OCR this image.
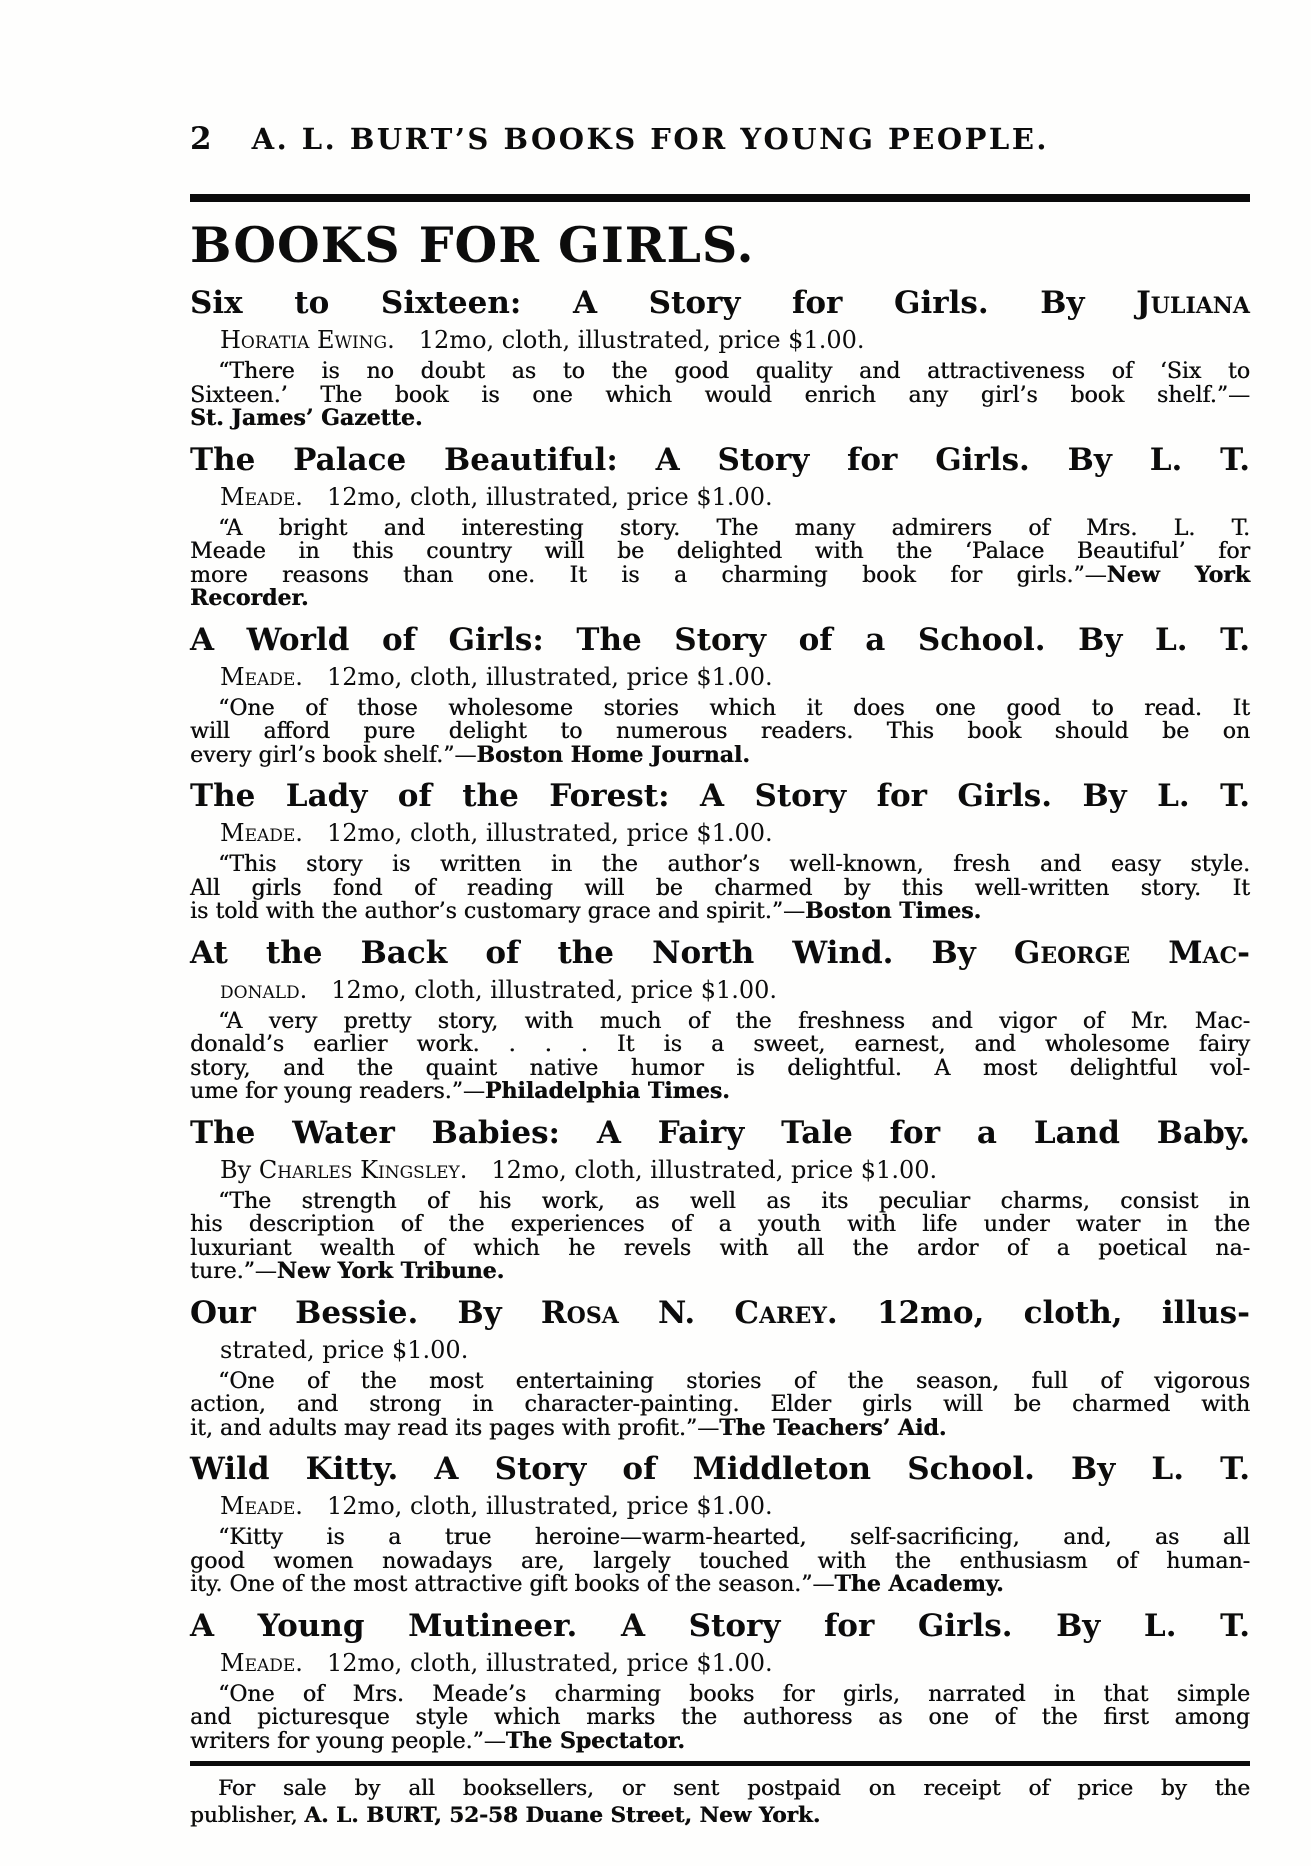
2 A. L. BURT’S BOOKS FOR YOUNG PEOPLE.
BOOKS FOR GIRLS.
Six to Sixteen: A Story for Girls. By Juliana
Horatia Ewing. 12mo, cloth, illustrated, price $1.00.
“There is no doubt as to the good quality and attractiveness of ‘Six to
Sixteen.’ The book is one which would enrich any girl’s book shelf.”—
St. James’ Gazette.
The Palace Beautiful: A Story for Girls. By L. T.
Meade. 12mo, cloth, illustrated, price $1.00.
“A bright and interesting story. The many admirers of Mrs. L. T.
Meade in this country will be delighted with the ‘Palace Beautiful’ for
more reasons than one. It is a charming book for girls.”—New York
Recorder.
A World of Girls: The Story of a School. By L. T.
Meade. 12mo, cloth, illustrated, price $1.00.
“One of those wholesome stories which it does one good to read. It
will afford pure delight to numerous readers. This book should be on
every girl’s book shelf.”—Boston Home Journal.
The Lady of the Forest: A Story for Girls. By L. T.
Meade. 12mo, cloth, illustrated, price $1.00.
“This story is written in the author’s well-known, fresh and easy style.
All girls fond of reading will be charmed by this well-written story. It
is told with the author’s customary grace and spirit.”—Boston Times.
At the Back of the North Wind. By George Mac-
donald. 12mo, cloth, illustrated, price $1.00.
“A very pretty story, with much of the freshness and vigor of Mr. Mac-
donald’s earlier work. . . . It is a sweet, earnest, and wholesome fairy
story, and the quaint native humor is delightful. A most delightful vol-
ume for young readers.”—Philadelphia Times.
The Water Babies: A Fairy Tale for a Land Baby.
By Charles Kingsley. 12mo, cloth, illustrated, price $1.00.
“The strength of his work, as well as its peculiar charms, consist in
his description of the experiences of a youth with life under water in the
luxuriant wealth of which he revels with all the ardor of a poetical na-
ture.”—New York Tribune.
Our Bessie. By Rosa N. Carey. 12mo, cloth, illus-
strated, price $1.00.
“One of the most entertaining stories of the season, full of vigorous
action, and strong in character-painting. Elder girls will be charmed with
it, and adults may read its pages with profit.”—The Teachers’ Aid.
Wild Kitty. A Story of Middleton School. By L. T.
Meade. 12mo, cloth, illustrated, price $1.00.
“Kitty is a true heroine—warm-hearted, self-sacrificing, and, as all
good women nowadays are, largely touched with the enthusiasm of human-
ity. One of the most attractive gift books of the season.”—The Academy.
A Young Mutineer. A Story for Girls. By L. T.
Meade. 12mo, cloth, illustrated, price $1.00.
“One of Mrs. Meade’s charming books for girls, narrated in that simple
and picturesque style which marks the authoress as one of the first among
writers for young people.”—The Spectator.
For sale by all booksellers, or sent postpaid on receipt of price by the
publisher, A. L. BURT, 52-58 Duane Street, New York.
